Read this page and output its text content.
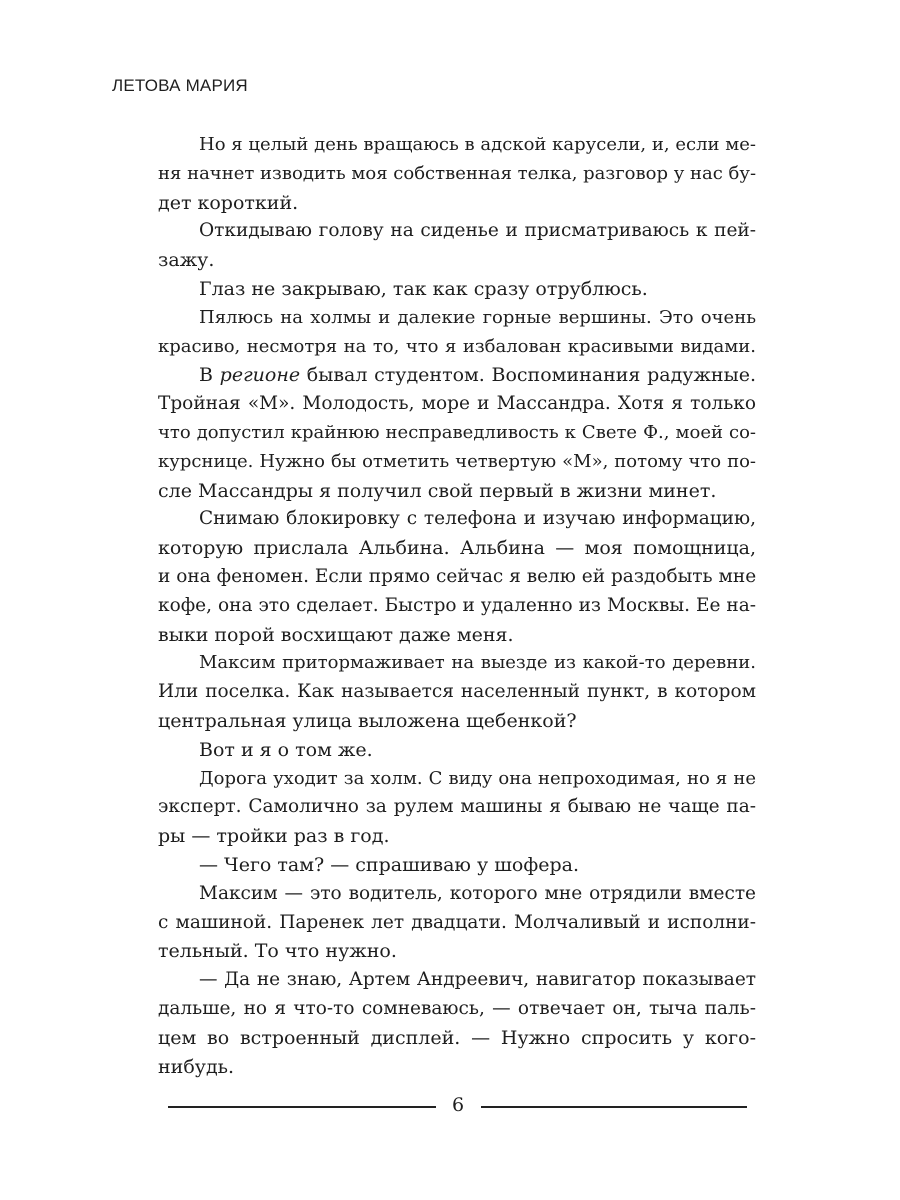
ЛЕТОВА МАРИЯ
Но я целый день вращаюсь в адской карусели, и, если ме-
ня начнет изводить моя собственная телка, разговор у нас бу-
дет короткий.
Откидываю голову на сиденье и присматриваюсь к пей-
зажу.
Глаз не закрываю, так как сразу отрублюсь.
Пялюсь на холмы и далекие горные вершины. Это очень
красиво, несмотря на то, что я избалован красивыми видами.
В регионе бывал студентом. Воспоминания радужные.
Тройная «М». Молодость, море и Массандра. Хотя я только
что допустил крайнюю несправедливость к Свете Ф., моей со-
курснице. Нужно бы отметить четвертую «М», потому что по-
сле Массандры я получил свой первый в жизни минет.
Снимаю блокировку с телефона и изучаю информацию,
которую прислала Альбина. Альбина — моя помощница,
и она феномен. Если прямо сейчас я велю ей раздобыть мне
кофе, она это сделает. Быстро и удаленно из Москвы. Ее на-
выки порой восхищают даже меня.
Максим притормаживает на выезде из какой-то деревни.
Или поселка. Как называется населенный пункт, в котором
центральная улица выложена щебенкой?
Вот и я о том же.
Дорога уходит за холм. С виду она непроходимая, но я не
эксперт. Самолично за рулем машины я бываю не чаще па-
ры — тройки раз в год.
— Чего там? — спрашиваю у шофера.
Максим — это водитель, которого мне отрядили вместе
с машиной. Паренек лет двадцати. Молчаливый и исполни-
тельный. То что нужно.
— Да не знаю, Артем Андреевич, навигатор показывает
дальше, но я что-то сомневаюсь, — отвечает он, тыча паль-
цем во встроенный дисплей. — Нужно спросить у кого-
нибудь.
6
